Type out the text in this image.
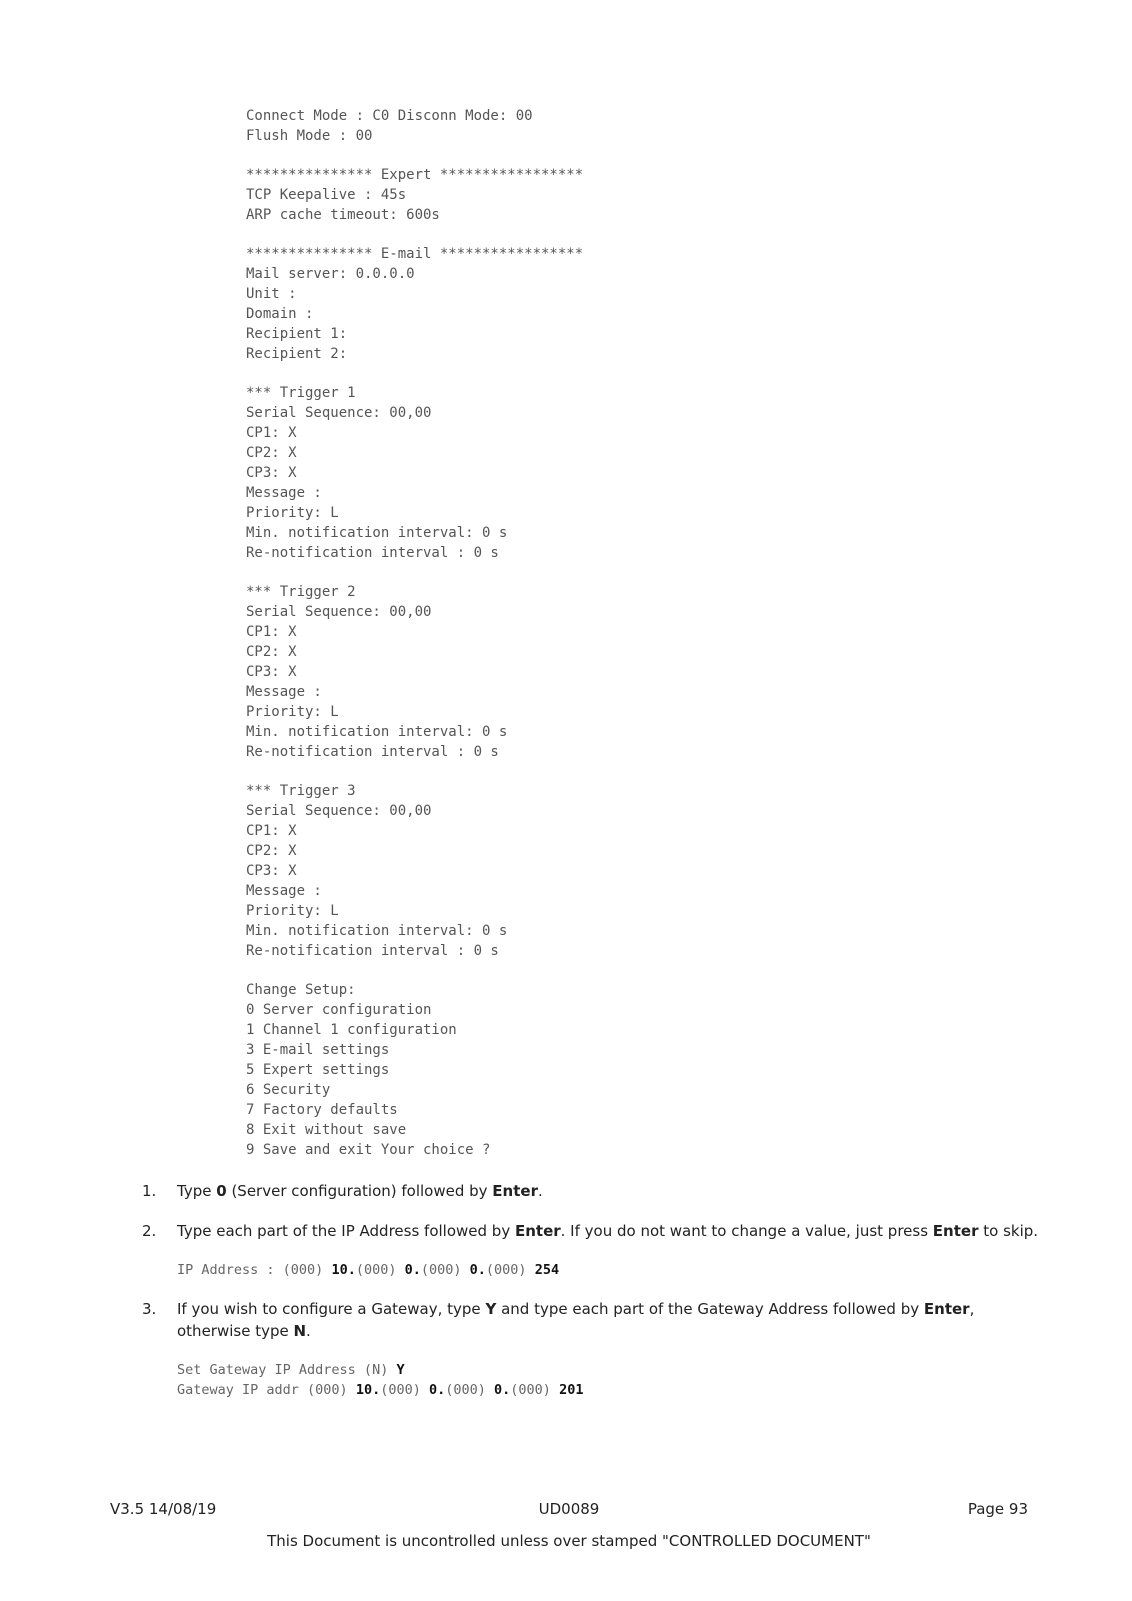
Connect Mode : C0 Disconn Mode: 00
Flush Mode : 00
*************** Expert *****************
TCP Keepalive : 45s
ARP cache timeout: 600s
*************** E-mail *****************
Mail server: 0.0.0.0
Unit :
Domain :
Recipient 1:
Recipient 2:
*** Trigger 1
Serial Sequence: 00,00
CP1: X
CP2: X
CP3: X
Message :
Priority: L
Min. notification interval: 0 s
Re-notification interval : 0 s
*** Trigger 2
Serial Sequence: 00,00
CP1: X
CP2: X
CP3: X
Message :
Priority: L
Min. notification interval: 0 s
Re-notification interval : 0 s
*** Trigger 3
Serial Sequence: 00,00
CP1: X
CP2: X
CP3: X
Message :
Priority: L
Min. notification interval: 0 s
Re-notification interval : 0 s
Change Setup:
0 Server configuration
1 Channel 1 configuration
3 E-mail settings
5 Expert settings
6 Security
7 Factory defaults
8 Exit without save
9 Save and exit Your choice ?
1. Type 0 (Server configuration) followed by Enter.
2. Type each part of the IP Address followed by Enter. If you do not want to change a value, just press Enter to skip.
IP Address : (000) 10.(000) 0.(000) 0.(000) 254
3. If you wish to configure a Gateway, type Y and type each part of the Gateway Address followed by Enter, otherwise type N.
Set Gateway IP Address (N) Y
Gateway IP addr (000) 10.(000) 0.(000) 0.(000) 201
V3.5 14/08/19	UD0089	Page 93
This Document is uncontrolled unless over stamped "CONTROLLED DOCUMENT"
